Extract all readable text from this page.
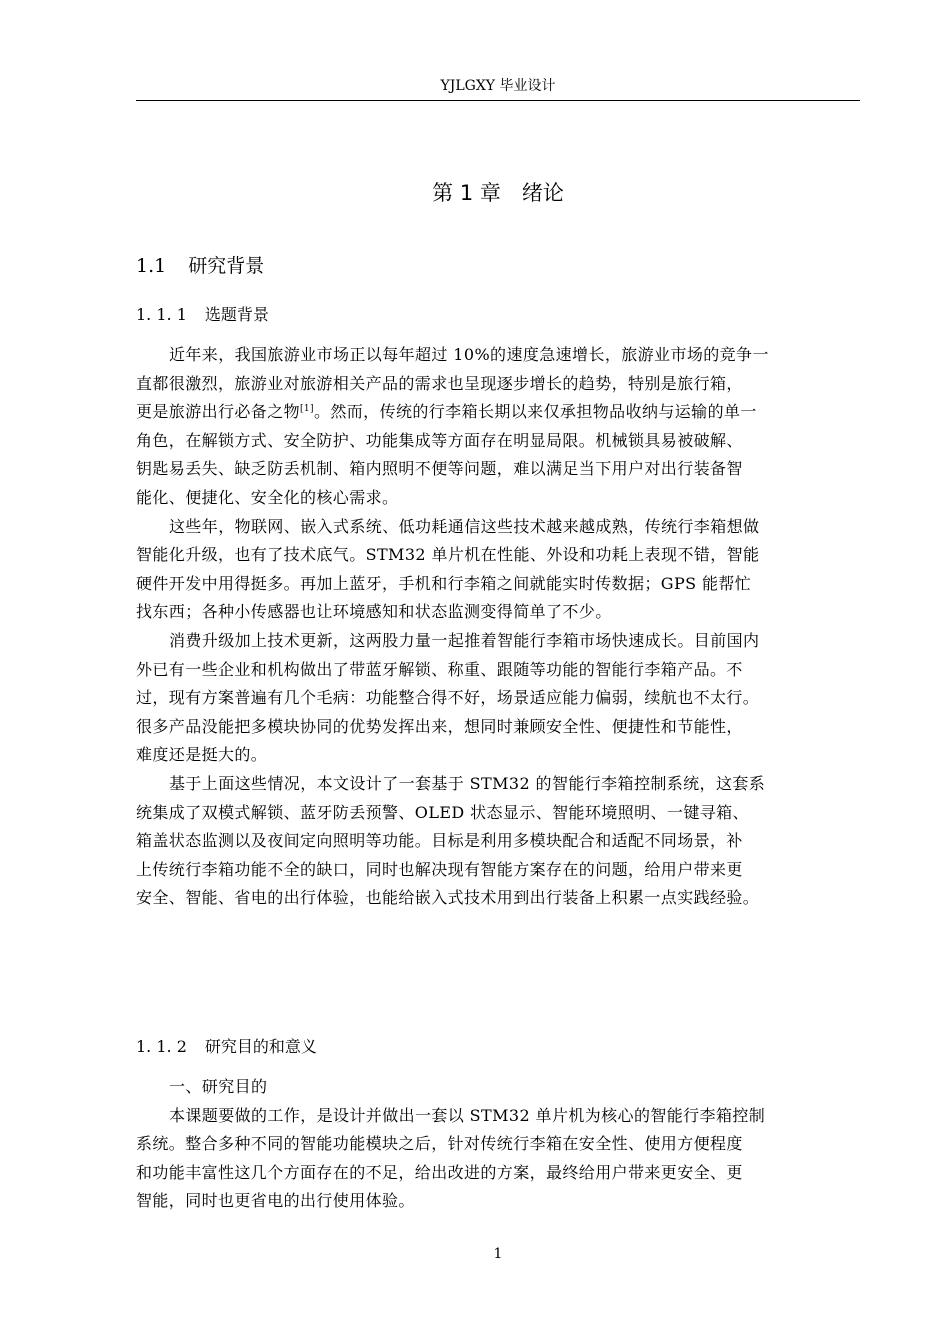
YJLGXY 毕业设计
第 1 章　绪论
1.1 研究背景
1. 1. 1 选题背景
近年来，我国旅游业市场正以每年超过 10%的速度急速增长，旅游业市场的竞争一
直都很激烈，旅游业对旅游相关产品的需求也呈现逐步增长的趋势，特别是旅行箱，
更是旅游出行必备之物[1]。然而，传统的行李箱长期以来仅承担物品收纳与运输的单一
角色，在解锁方式、安全防护、功能集成等方面存在明显局限。机械锁具易被破解、
钥匙易丢失、缺乏防丢机制、箱内照明不便等问题，难以满足当下用户对出行装备智
能化、便捷化、安全化的核心需求。
这些年，物联网、嵌入式系统、低功耗通信这些技术越来越成熟，传统行李箱想做
智能化升级，也有了技术底气。STM32 单片机在性能、外设和功耗上表现不错，智能
硬件开发中用得挺多。再加上蓝牙，手机和行李箱之间就能实时传数据；GPS 能帮忙
找东西；各种小传感器也让环境感知和状态监测变得简单了不少。
消费升级加上技术更新，这两股力量一起推着智能行李箱市场快速成长。目前国内
外已有一些企业和机构做出了带蓝牙解锁、称重、跟随等功能的智能行李箱产品。不
过，现有方案普遍有几个毛病：功能整合得不好，场景适应能力偏弱，续航也不太行。
很多产品没能把多模块协同的优势发挥出来，想同时兼顾安全性、便捷性和节能性，
难度还是挺大的。
基于上面这些情况，本文设计了一套基于 STM32 的智能行李箱控制系统，这套系
统集成了双模式解锁、蓝牙防丢预警、OLED 状态显示、智能环境照明、一键寻箱、
箱盖状态监测以及夜间定向照明等功能。目标是利用多模块配合和适配不同场景，补
上传统行李箱功能不全的缺口，同时也解决现有智能方案存在的问题，给用户带来更
安全、智能、省电的出行体验，也能给嵌入式技术用到出行装备上积累一点实践经验。
1. 1. 2 研究目的和意义
一、研究目的
本课题要做的工作，是设计并做出一套以 STM32 单片机为核心的智能行李箱控制
系统。整合多种不同的智能功能模块之后，针对传统行李箱在安全性、使用方便程度
和功能丰富性这几个方面存在的不足，给出改进的方案，最终给用户带来更安全、更
智能，同时也更省电的出行使用体验。
1
